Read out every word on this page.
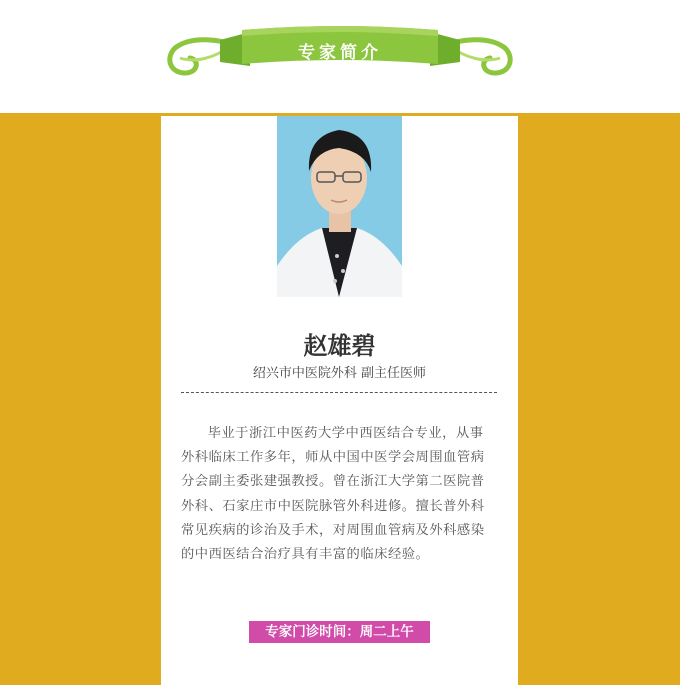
专家简介
赵雄碧
绍兴市中医院外科 副主任医师

毕业于浙江中医药大学中西医结合专业，从事外科临床工作多年，师从中国中医学会周围血管病分会副主委张建强教授。曾在浙江大学第二医院普外科、石家庄市中医院脉管外科进修。擅长普外科常见疾病的诊治及手术，对周围血管病及外科感染的中西医结合治疗具有丰富的临床经验。

专家门诊时间：周二上午
